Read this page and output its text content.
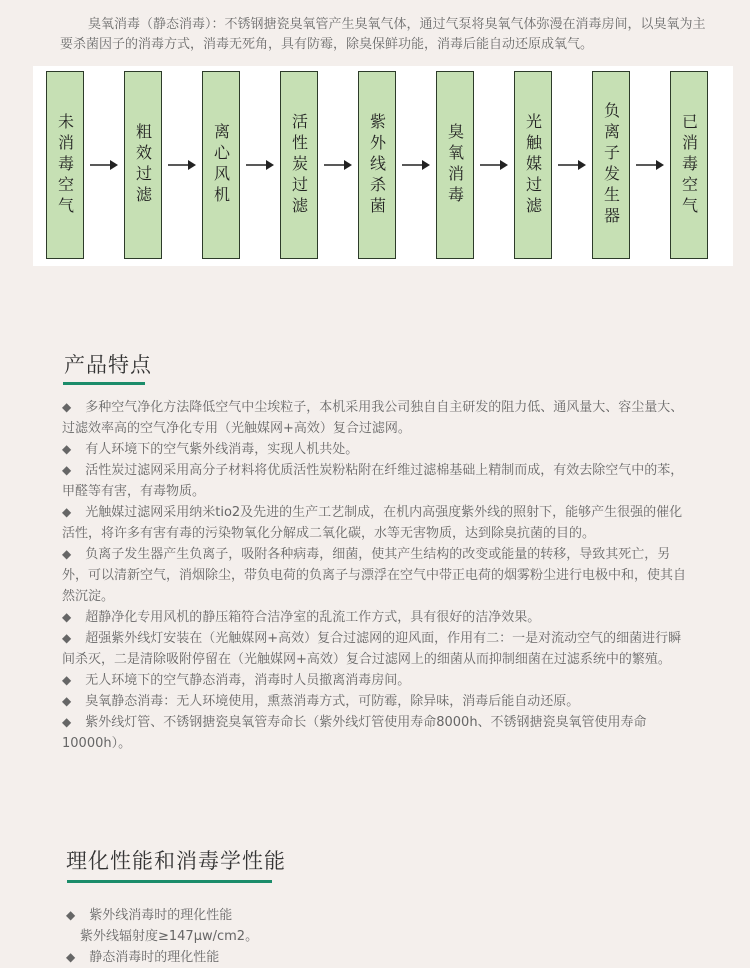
臭氧消毒（静态消毒）：不锈钢搪瓷臭氧管产生臭氧气体，通过气泵将臭氧气体弥漫在消毒房间，以臭氧为主要杀菌因子的消毒方式，消毒无死角，具有防霉，除臭保鲜功能，消毒后能自动还原成氧气。

未消毒空气	粗效过滤	离心风机	活性炭过滤	紫外线杀菌	臭氧消毒	光触媒过滤	负离子发生器	已消毒空气
产品特点
◆ 多种空气净化方法降低空气中尘埃粒子，本机采用我公司独自自主研发的阻力低、通风量大、容尘量大、过滤效率高的空气净化专用（光触媒网+高效）复合过滤网。
◆ 有人环境下的空气紫外线消毒，实现人机共处。
◆ 活性炭过滤网采用高分子材料将优质活性炭粉粘附在纤维过滤棉基础上精制而成，有效去除空气中的苯，甲醛等有害，有毒物质。
◆ 光触媒过滤网采用纳米tio2及先进的生产工艺制成，在机内高强度紫外线的照射下，能够产生很强的催化活性，将许多有害有毒的污染物氧化分解成二氧化碳，水等无害物质，达到除臭抗菌的目的。
◆ 负离子发生器产生负离子，吸附各种病毒，细菌，使其产生结构的改变或能量的转移，导致其死亡，另外，可以清新空气，消烟除尘，带负电荷的负离子与漂浮在空气中带正电荷的烟雾粉尘进行电极中和，使其自然沉淀。
◆ 超静净化专用风机的静压箱符合洁净室的乱流工作方式，具有很好的洁净效果。
◆ 超强紫外线灯安装在（光触媒网+高效）复合过滤网的迎风面，作用有二：一是对流动空气的细菌进行瞬间杀灭，二是清除吸附停留在（光触媒网+高效）复合过滤网上的细菌从而抑制细菌在过滤系统中的繁殖。
◆ 无人环境下的空气静态消毒，消毒时人员撤离消毒房间。
◆ 臭氧静态消毒：无人环境使用，熏蒸消毒方式，可防霉，除异味，消毒后能自动还原。
◆ 紫外线灯管、不锈钢搪瓷臭氧管寿命长（紫外线灯管使用寿命8000h、不锈钢搪瓷臭氧管使用寿命10000h）。
理化性能和消毒学性能
◆ 紫外线消毒时的理化性能
紫外线辐射度≥147μw/cm2。
◆ 静态消毒时的理化性能
